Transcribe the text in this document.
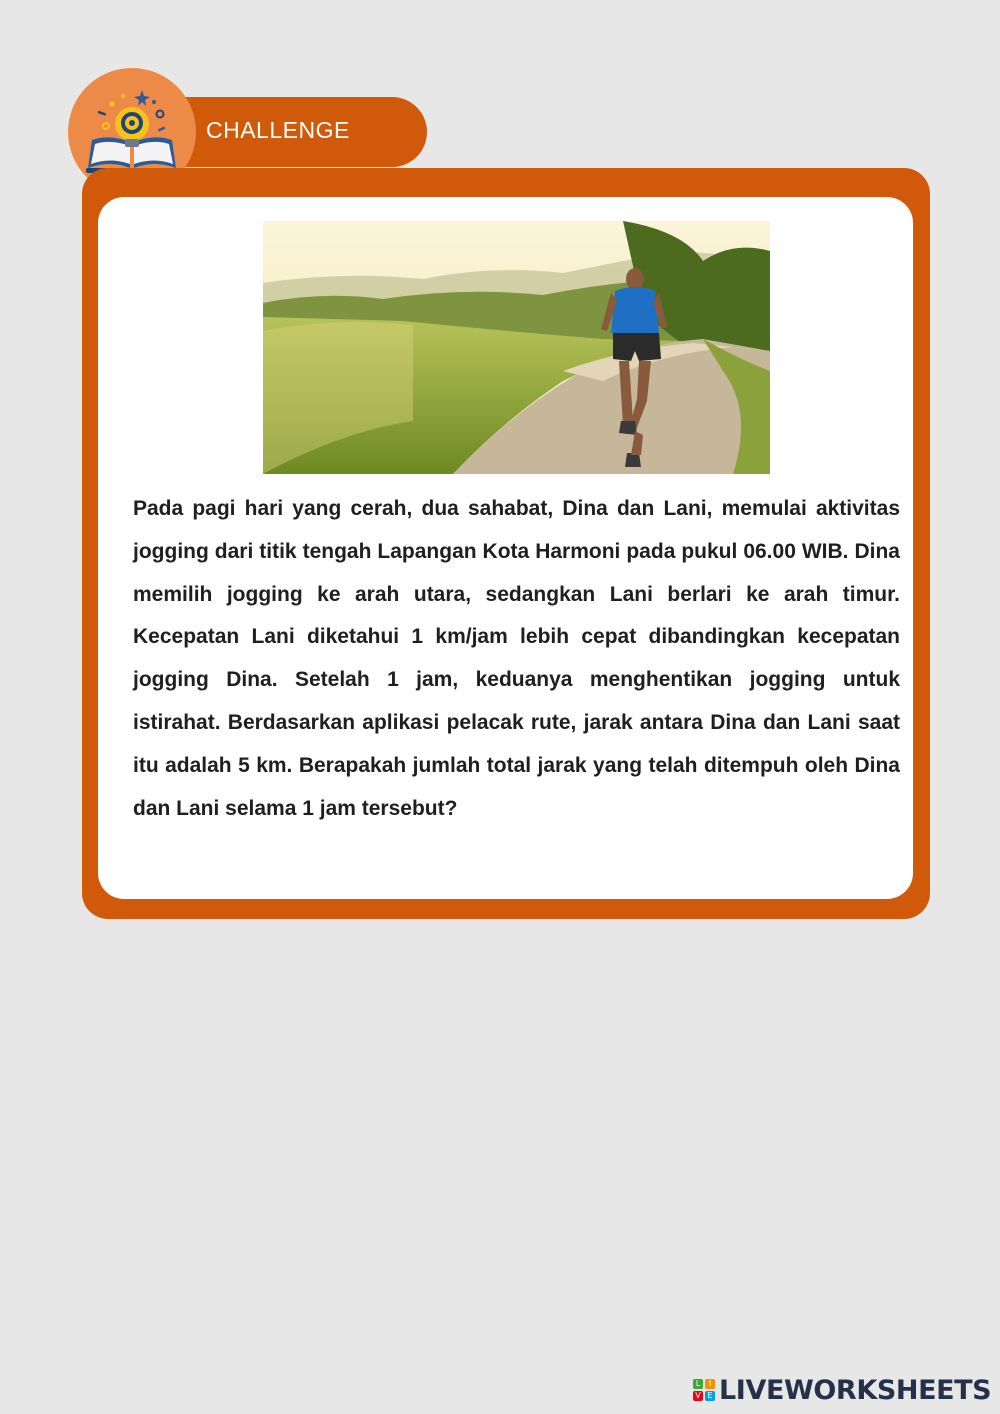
CHALLENGE

Pada pagi hari yang cerah, dua sahabat, Dina dan Lani, memulai aktivitas jogging dari titik tengah Lapangan Kota Harmoni pada pukul 06.00 WIB. Dina memilih jogging ke arah utara, sedangkan Lani berlari ke arah timur. Kecepatan Lani diketahui 1 km/jam lebih cepat dibandingkan kecepatan jogging Dina. Setelah 1 jam, keduanya menghentikan jogging untuk istirahat. Berdasarkan aplikasi pelacak rute, jarak antara Dina dan Lani saat itu adalah 5 km. Berapakah jumlah total jarak yang telah ditempuh oleh Dina dan Lani selama 1 jam tersebut?

L	I
V E LIVEWORKSHEETS
